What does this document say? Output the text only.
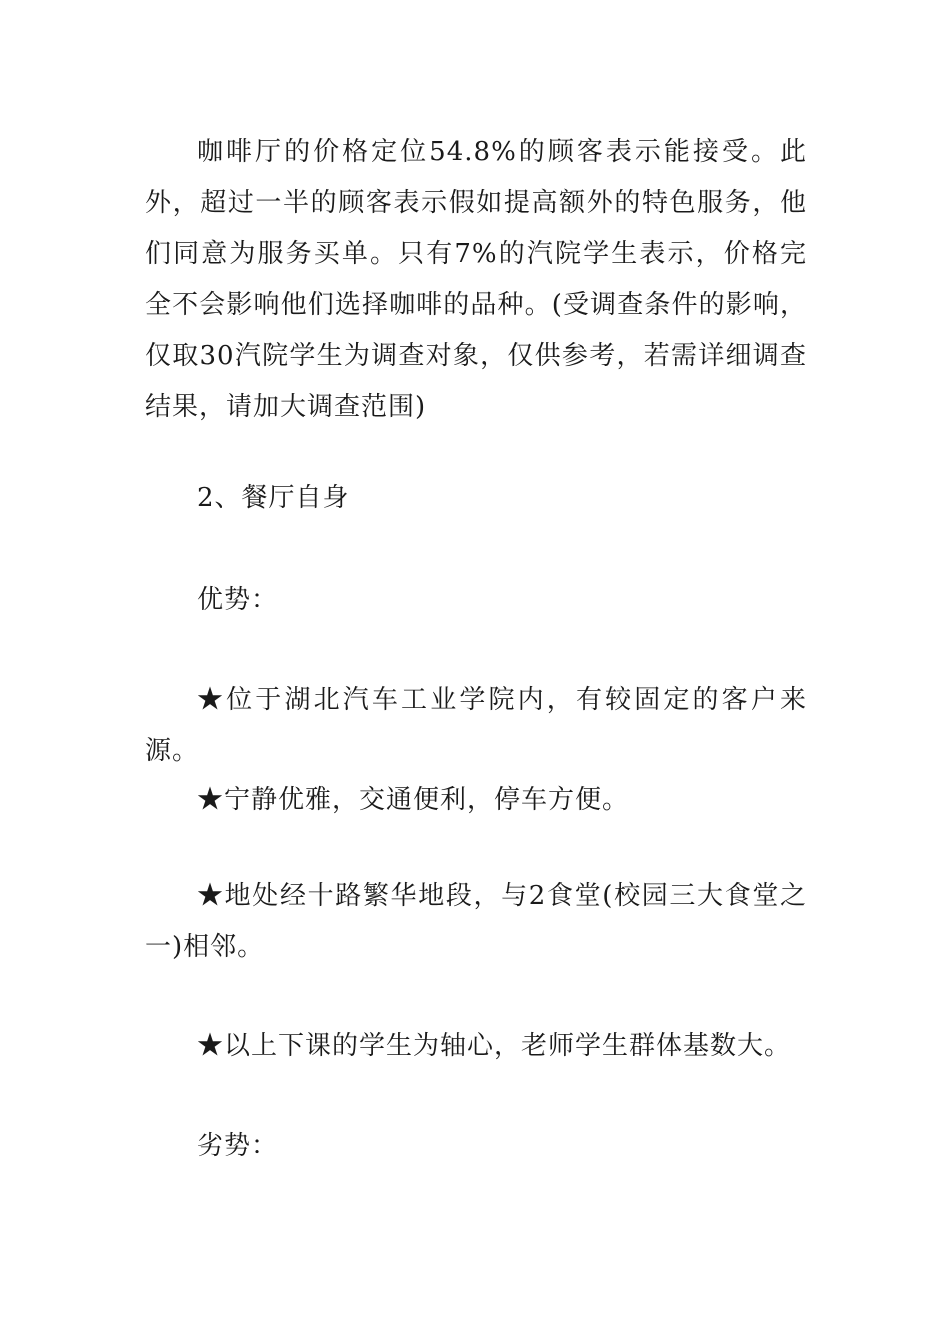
咖啡厅的价格定位54.8%的顾客表示能接受。此外，超过一半的顾客表示假如提高额外的特色服务，他们同意为服务买单。只有7%的汽院学生表示，价格完全不会影响他们选择咖啡的品种。(受调查条件的影响，仅取30汽院学生为调查对象，仅供参考，若需详细调查结果，请加大调查范围)

2、餐厅自身

优势：

★位于湖北汽车工业学院内，有较固定的客户来源。

★宁静优雅，交通便利，停车方便。

★地处经十路繁华地段，与2食堂(校园三大食堂之一)相邻。

★以上下课的学生为轴心，老师学生群体基数大。

劣势：
